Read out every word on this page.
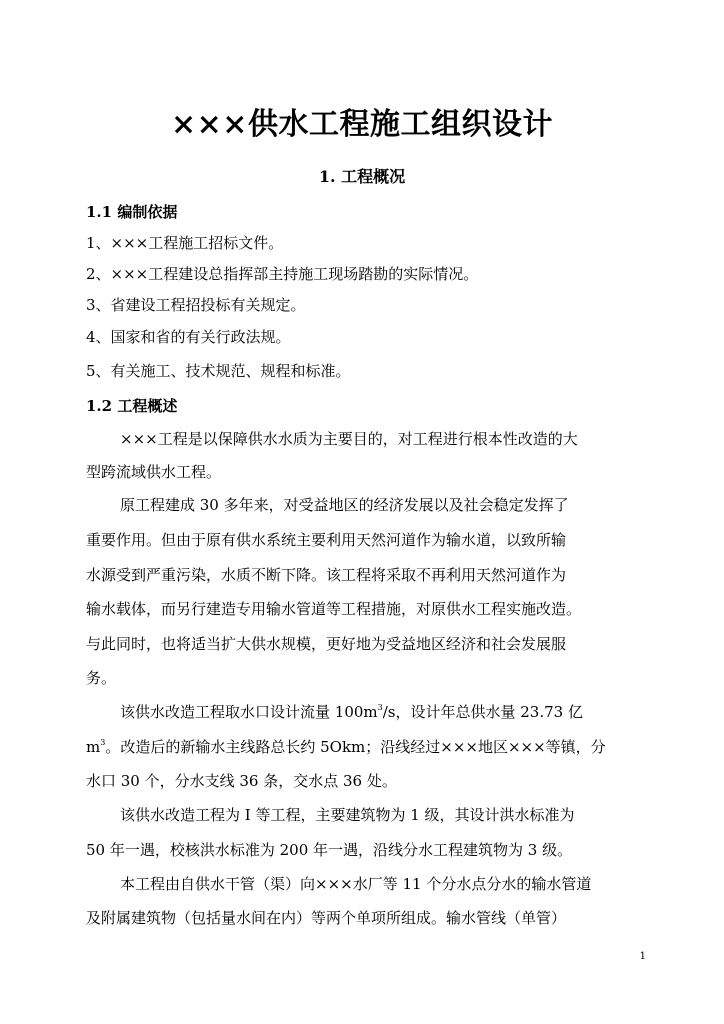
×××供水工程施工组织设计
1. 工程概况
1.1 编制依据
1、×××工程施工招标文件。
2、×××工程建设总指挥部主持施工现场踏勘的实际情况。
3、省建设工程招投标有关规定。
4、国家和省的有关行政法规。
5、有关施工、技术规范、规程和标准。
1.2 工程概述
×××工程是以保障供水水质为主要目的，对工程进行根本性改造的大
型跨流域供水工程。
原工程建成 30 多年来，对受益地区的经济发展以及社会稳定发挥了
重要作用。但由于原有供水系统主要利用天然河道作为输水道，以致所输
水源受到严重污染，水质不断下降。该工程将采取不再利用天然河道作为
输水载体，而另行建造专用输水管道等工程措施，对原供水工程实施改造。
与此同时，也将适当扩大供水规模，更好地为受益地区经济和社会发展服
务。
该供水改造工程取水口设计流量 $100m^3/s$，设计年总供水量 23.73 亿
$m^3$。改造后的新输水主线路总长约 5Okm；沿线经过×××地区×××等镇，分
水口 30 个，分水支线 36 条，交水点 36 处。
该供水改造工程为 I 等工程，主要建筑物为 1 级，其设计洪水标准为
50 年一遇，校核洪水标准为 200 年一遇，沿线分水工程建筑物为 3 级。
本工程由自供水干管（渠）向×××水厂等 11 个分水点分水的输水管道
及附属建筑物（包括量水间在内）等两个单项所组成。输水管线（单管）
1
